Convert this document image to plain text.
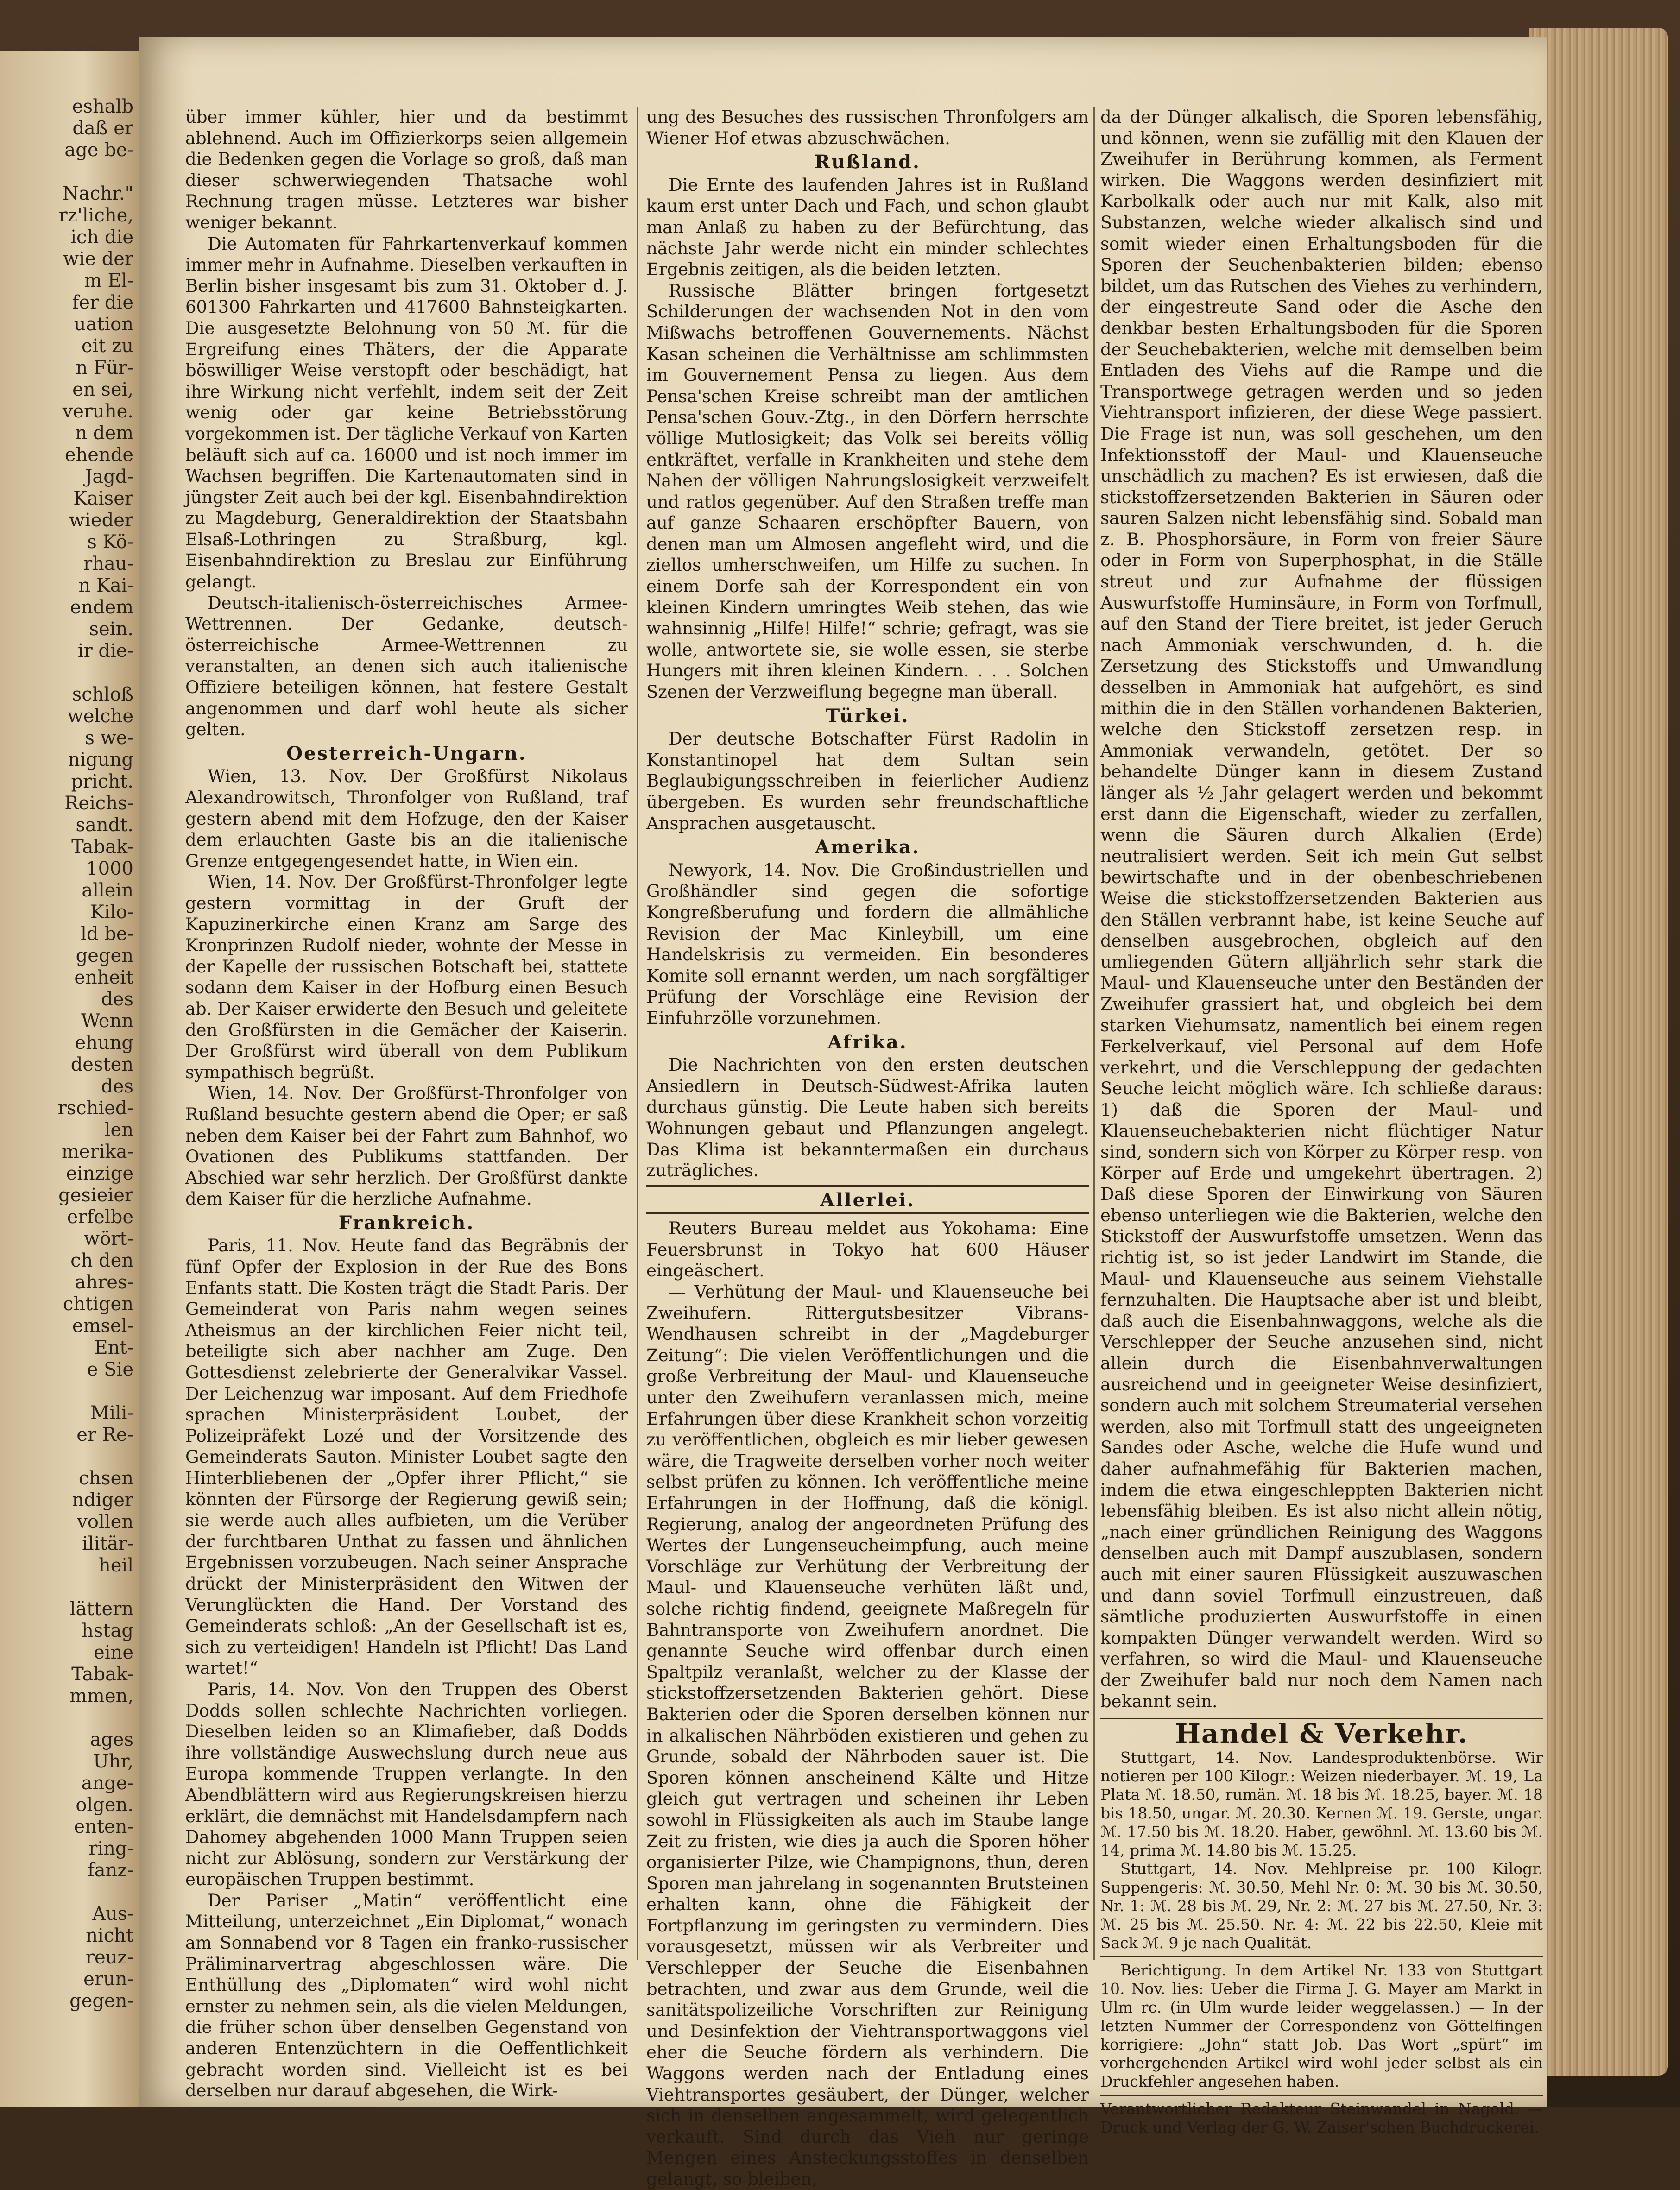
eshalb
daß er
age be-
Nachr."
rz'liche,
ich die
wie der
m El-
fer die
uation
eit zu
n Für-
en sei,
veruhe.
n dem
ehende
Jagd-
Kaiser
wieder
s Kö-
rhau-
n Kai-
endem
sein.
ir die-
schloß
welche
s we-
nigung
pricht.
Reichs-
sandt.
Tabak-
1000
allein
Kilo-
ld be-
gegen
enheit
des
Wenn
ehung
desten
des
rschied-
len
merika-
einzige
gesieier
erfelbe
wört-
ch den
ahres-
chtigen
emsel-
Ent-
e Sie
Mili-
er Re-
chsen
ndiger
vollen
ilitär-
heil
lättern
hstag
eine
Tabak-
mmen,
ages
Uhr,
ange-
olgen.
enten-
ring-
fanz-
Aus-
nicht
reuz-
erun-
gegen-

über immer kühler, hier und da bestimmt ablehnend. Auch im Offizierkorps seien allgemein die Bedenken gegen die Vorlage so groß, daß man dieser schwerwiegenden Thatsache wohl Rechnung tragen müsse. Letzteres war bisher weniger bekannt.

Die Automaten für Fahrkartenverkauf kommen immer mehr in Aufnahme. Dieselben verkauften in Berlin bisher insgesamt bis zum 31. Oktober d. J. 601300 Fahrkarten und 417600 Bahnsteigkarten. Die ausgesetzte Belohnung von 50 ℳ. für die Ergreifung eines Thäters, der die Apparate böswilliger Weise verstopft oder beschädigt, hat ihre Wirkung nicht verfehlt, indem seit der Zeit wenig oder gar keine Betriebsstörung vorgekommen ist. Der tägliche Verkauf von Karten beläuft sich auf ca. 16000 und ist noch immer im Wachsen begriffen. Die Kartenautomaten sind in jüngster Zeit auch bei der kgl. Eisenbahndirektion zu Magdeburg, Generaldirektion der Staatsbahn Elsaß-Lothringen zu Straßburg, kgl. Eisenbahndirektion zu Breslau zur Einführung gelangt.

Deutsch-italienisch-österreichisches Armee-Wettrennen. Der Gedanke, deutsch-österreichische Armee-Wettrennen zu veranstalten, an denen sich auch italienische Offiziere beteiligen können, hat festere Gestalt angenommen und darf wohl heute als sicher gelten.

Oesterreich-Ungarn.

Wien, 13. Nov. Der Großfürst Nikolaus Alexandrowitsch, Thronfolger von Rußland, traf gestern abend mit dem Hofzuge, den der Kaiser dem erlauchten Gaste bis an die italienische Grenze entgegengesendet hatte, in Wien ein.

Wien, 14. Nov. Der Großfürst-Thronfolger legte gestern vormittag in der Gruft der Kapuzinerkirche einen Kranz am Sarge des Kronprinzen Rudolf nieder, wohnte der Messe in der Kapelle der russischen Botschaft bei, stattete sodann dem Kaiser in der Hofburg einen Besuch ab. Der Kaiser erwiderte den Besuch und geleitete den Großfürsten in die Gemächer der Kaiserin. Der Großfürst wird überall von dem Publikum sympathisch begrüßt.

Wien, 14. Nov. Der Großfürst-Thronfolger von Rußland besuchte gestern abend die Oper; er saß neben dem Kaiser bei der Fahrt zum Bahnhof, wo Ovationen des Publikums stattfanden. Der Abschied war sehr herzlich. Der Großfürst dankte dem Kaiser für die herzliche Aufnahme.

Frankreich.

Paris, 11. Nov. Heute fand das Begräbnis der fünf Opfer der Explosion in der Rue des Bons Enfants statt. Die Kosten trägt die Stadt Paris. Der Gemeinderat von Paris nahm wegen seines Atheismus an der kirchlichen Feier nicht teil, beteiligte sich aber nachher am Zuge. Den Gottesdienst zelebrierte der Generalvikar Vassel. Der Leichenzug war imposant. Auf dem Friedhofe sprachen Ministerpräsident Loubet, der Polizeipräfekt Lozé und der Vorsitzende des Gemeinderats Sauton. Minister Loubet sagte den Hinterbliebenen der „Opfer ihrer Pflicht,“ sie könnten der Fürsorge der Regierung gewiß sein; sie werde auch alles aufbieten, um die Verüber der furchtbaren Unthat zu fassen und ähnlichen Ergebnissen vorzubeugen. Nach seiner Ansprache drückt der Ministerpräsident den Witwen der Verunglückten die Hand. Der Vorstand des Gemeinderats schloß: „An der Gesellschaft ist es, sich zu verteidigen! Handeln ist Pflicht! Das Land wartet!“

Paris, 14. Nov. Von den Truppen des Oberst Dodds sollen schlechte Nachrichten vorliegen. Dieselben leiden so an Klimafieber, daß Dodds ihre vollständige Auswechslung durch neue aus Europa kommende Truppen verlangte. In den Abendblättern wird aus Regierungskreisen hierzu erklärt, die demnächst mit Handelsdampfern nach Dahomey abgehenden 1000 Mann Truppen seien nicht zur Ablösung, sondern zur Verstärkung der europäischen Truppen bestimmt.

Der Pariser „Matin“ veröffentlicht eine Mitteilung, unterzeichnet „Ein Diplomat,“ wonach am Sonnabend vor 8 Tagen ein franko-russischer Präliminarvertrag abgeschlossen wäre. Die Enthüllung des „Diplomaten“ wird wohl nicht ernster zu nehmen sein, als die vielen Meldungen, die früher schon über denselben Gegenstand von anderen Entenzüchtern in die Oeffentlichkeit gebracht worden sind. Vielleicht ist es bei derselben nur darauf abgesehen, die Wirk-

ung des Besuches des russischen Thronfolgers am Wiener Hof etwas abzuschwächen.

Rußland.

Die Ernte des laufenden Jahres ist in Rußland kaum erst unter Dach und Fach, und schon glaubt man Anlaß zu haben zu der Befürchtung, das nächste Jahr werde nicht ein minder schlechtes Ergebnis zeitigen, als die beiden letzten.

Russische Blätter bringen fortgesetzt Schilderungen der wachsenden Not in den vom Mißwachs betroffenen Gouvernements. Nächst Kasan scheinen die Verhältnisse am schlimmsten im Gouvernement Pensa zu liegen. Aus dem Pensa'schen Kreise schreibt man der amtlichen Pensa'schen Gouv.-Ztg., in den Dörfern herrschte völlige Mutlosigkeit; das Volk sei bereits völlig entkräftet, verfalle in Krankheiten und stehe dem Nahen der völligen Nahrungslosigkeit verzweifelt und ratlos gegenüber. Auf den Straßen treffe man auf ganze Schaaren erschöpfter Bauern, von denen man um Almosen angefleht wird, und die ziellos umherschweifen, um Hilfe zu suchen. In einem Dorfe sah der Korrespondent ein von kleinen Kindern umringtes Weib stehen, das wie wahnsinnig „Hilfe! Hilfe!“ schrie; gefragt, was sie wolle, antwortete sie, sie wolle essen, sie sterbe Hungers mit ihren kleinen Kindern. . . . Solchen Szenen der Verzweiflung begegne man überall.

Türkei.

Der deutsche Botschafter Fürst Radolin in Konstantinopel hat dem Sultan sein Beglaubigungsschreiben in feierlicher Audienz übergeben. Es wurden sehr freundschaftliche Ansprachen ausgetauscht.

Amerika.

Newyork, 14. Nov. Die Großindustriellen und Großhändler sind gegen die sofortige Kongreßberufung und fordern die allmähliche Revision der Mac Kinleybill, um eine Handelskrisis zu vermeiden. Ein besonderes Komite soll ernannt werden, um nach sorgfältiger Prüfung der Vorschläge eine Revision der Einfuhrzölle vorzunehmen.

Afrika.

Die Nachrichten von den ersten deutschen Ansiedlern in Deutsch-Südwest-Afrika lauten durchaus günstig. Die Leute haben sich bereits Wohnungen gebaut und Pflanzungen angelegt. Das Klima ist bekanntermaßen ein durchaus zuträgliches.

Allerlei.

Reuters Bureau meldet aus Yokohama: Eine Feuersbrunst in Tokyo hat 600 Häuser eingeäschert.

— Verhütung der Maul- und Klauenseuche bei Zweihufern. Rittergutsbesitzer Vibrans-Wendhausen schreibt in der „Magdeburger Zeitung“: Die vielen Veröffentlichungen und die große Verbreitung der Maul- und Klauenseuche unter den Zweihufern veranlassen mich, meine Erfahrungen über diese Krankheit schon vorzeitig zu veröffentlichen, obgleich es mir lieber gewesen wäre, die Tragweite derselben vorher noch weiter selbst prüfen zu können. Ich veröffentliche meine Erfahrungen in der Hoffnung, daß die königl. Regierung, analog der angeordneten Prüfung des Wertes der Lungenseucheimpfung, auch meine Vorschläge zur Verhütung der Verbreitung der Maul- und Klauenseuche verhüten läßt und, solche richtig findend, geeignete Maßregeln für Bahntransporte von Zweihufern anordnet. Die genannte Seuche wird offenbar durch einen Spaltpilz veranlaßt, welcher zu der Klasse der stickstoffzersetzenden Bakterien gehört. Diese Bakterien oder die Sporen derselben können nur in alkalischen Nährböden existieren und gehen zu Grunde, sobald der Nährboden sauer ist. Die Sporen können anscheinend Kälte und Hitze gleich gut vertragen und scheinen ihr Leben sowohl in Flüssigkeiten als auch im Staube lange Zeit zu fristen, wie dies ja auch die Sporen höher organisierter Pilze, wie Champignons, thun, deren Sporen man jahrelang in sogenannten Brutsteinen erhalten kann, ohne die Fähigkeit der Fortpflanzung im geringsten zu vermindern. Dies vorausgesetzt, müssen wir als Verbreiter und Verschlepper der Seuche die Eisenbahnen betrachten, und zwar aus dem Grunde, weil die sanitätspolizeiliche Vorschriften zur Reinigung und Desinfektion der Viehtransportwaggons viel eher die Seuche fördern als verhindern. Die Waggons werden nach der Entladung eines Viehtransportes gesäubert, der Dünger, welcher sich in denselben angesammelt, wird gelegentlich verkauft. Sind durch das Vieh nur geringe Mengen eines Ansteckungsstoffes in denselben gelangt, so bleiben,

da der Dünger alkalisch, die Sporen lebensfähig, und können, wenn sie zufällig mit den Klauen der Zweihufer in Berührung kommen, als Ferment wirken. Die Waggons werden desinfiziert mit Karbolkalk oder auch nur mit Kalk, also mit Substanzen, welche wieder alkalisch sind und somit wieder einen Erhaltungsboden für die Sporen der Seuchenbakterien bilden; ebenso bildet, um das Rutschen des Viehes zu verhindern, der eingestreute Sand oder die Asche den denkbar besten Erhaltungsboden für die Sporen der Seuchebakterien, welche mit demselben beim Entladen des Viehs auf die Rampe und die Transportwege getragen werden und so jeden Viehtransport infizieren, der diese Wege passiert. Die Frage ist nun, was soll geschehen, um den Infektionsstoff der Maul- und Klauenseuche unschädlich zu machen? Es ist erwiesen, daß die stickstoffzersetzenden Bakterien in Säuren oder sauren Salzen nicht lebensfähig sind. Sobald man z. B. Phosphorsäure, in Form von freier Säure oder in Form von Superphosphat, in die Ställe streut und zur Aufnahme der flüssigen Auswurfstoffe Huminsäure, in Form von Torfmull, auf den Stand der Tiere breitet, ist jeder Geruch nach Ammoniak verschwunden, d. h. die Zersetzung des Stickstoffs und Umwandlung desselben in Ammoniak hat aufgehört, es sind mithin die in den Ställen vorhandenen Bakterien, welche den Stickstoff zersetzen resp. in Ammoniak verwandeln, getötet. Der so behandelte Dünger kann in diesem Zustand länger als ½ Jahr gelagert werden und bekommt erst dann die Eigenschaft, wieder zu zerfallen, wenn die Säuren durch Alkalien (Erde) neutralisiert werden. Seit ich mein Gut selbst bewirtschafte und in der obenbeschriebenen Weise die stickstoffzersetzenden Bakterien aus den Ställen verbrannt habe, ist keine Seuche auf denselben ausgebrochen, obgleich auf den umliegenden Gütern alljährlich sehr stark die Maul- und Klauenseuche unter den Beständen der Zweihufer grassiert hat, und obgleich bei dem starken Viehumsatz, namentlich bei einem regen Ferkelverkauf, viel Personal auf dem Hofe verkehrt, und die Verschleppung der gedachten Seuche leicht möglich wäre. Ich schließe daraus: 1) daß die Sporen der Maul- und Klauenseuchebakterien nicht flüchtiger Natur sind, sondern sich von Körper zu Körper resp. von Körper auf Erde und umgekehrt übertragen. 2) Daß diese Sporen der Einwirkung von Säuren ebenso unterliegen wie die Bakterien, welche den Stickstoff der Auswurfstoffe umsetzen. Wenn das richtig ist, so ist jeder Landwirt im Stande, die Maul- und Klauenseuche aus seinem Viehstalle fernzuhalten. Die Hauptsache aber ist und bleibt, daß auch die Eisenbahnwaggons, welche als die Verschlepper der Seuche anzusehen sind, nicht allein durch die Eisenbahnverwaltungen ausreichend und in geeigneter Weise desinfiziert, sondern auch mit solchem Streumaterial versehen werden, also mit Torfmull statt des ungeeigneten Sandes oder Asche, welche die Hufe wund und daher aufnahmefähig für Bakterien machen, indem die etwa eingeschleppten Bakterien nicht lebensfähig bleiben. Es ist also nicht allein nötig, „nach einer gründlichen Reinigung des Waggons denselben auch mit Dampf auszublasen, sondern auch mit einer sauren Flüssigkeit auszuwaschen und dann soviel Torfmull einzustreuen, daß sämtliche produzierten Auswurfstoffe in einen kompakten Dünger verwandelt werden. Wird so verfahren, so wird die Maul- und Klauenseuche der Zweihufer bald nur noch dem Namen nach bekannt sein.

Handel & Verkehr.

Stuttgart, 14. Nov. Landesproduktenbörse. Wir notieren per 100 Kilogr.: Weizen niederbayer. ℳ. 19, La Plata ℳ. 18.50, rumän. ℳ. 18 bis ℳ. 18.25, bayer. ℳ. 18 bis 18.50, ungar. ℳ. 20.30. Kernen ℳ. 19. Gerste, ungar. ℳ. 17.50 bis ℳ. 18.20. Haber, gewöhnl. ℳ. 13.60 bis ℳ. 14, prima ℳ. 14.80 bis ℳ. 15.25.

Stuttgart, 14. Nov. Mehlpreise pr. 100 Kilogr. Suppengeris: ℳ. 30.50, Mehl Nr. 0: ℳ. 30 bis ℳ. 30.50, Nr. 1: ℳ. 28 bis ℳ. 29, Nr. 2: ℳ. 27 bis ℳ. 27.50, Nr. 3: ℳ. 25 bis ℳ. 25.50. Nr. 4: ℳ. 22 bis 22.50, Kleie mit Sack ℳ. 9 je nach Qualität.

Berichtigung. In dem Artikel Nr. 133 von Stuttgart 10. Nov. lies: Ueber die Firma J. G. Mayer am Markt in Ulm rc. (in Ulm wurde leider weggelassen.) — In der letzten Nummer der Correspondenz von Göttelfingen korrigiere: „John“ statt Job. Das Wort „spürt“ im vorhergehenden Artikel wird wohl jeder selbst als ein Druckfehler angesehen haben.

Verantwortlicher Redakteur Steinwandel in Nagold. — Druck und Verlag der G. W. Zaiser'schen Buchdruckerei.
